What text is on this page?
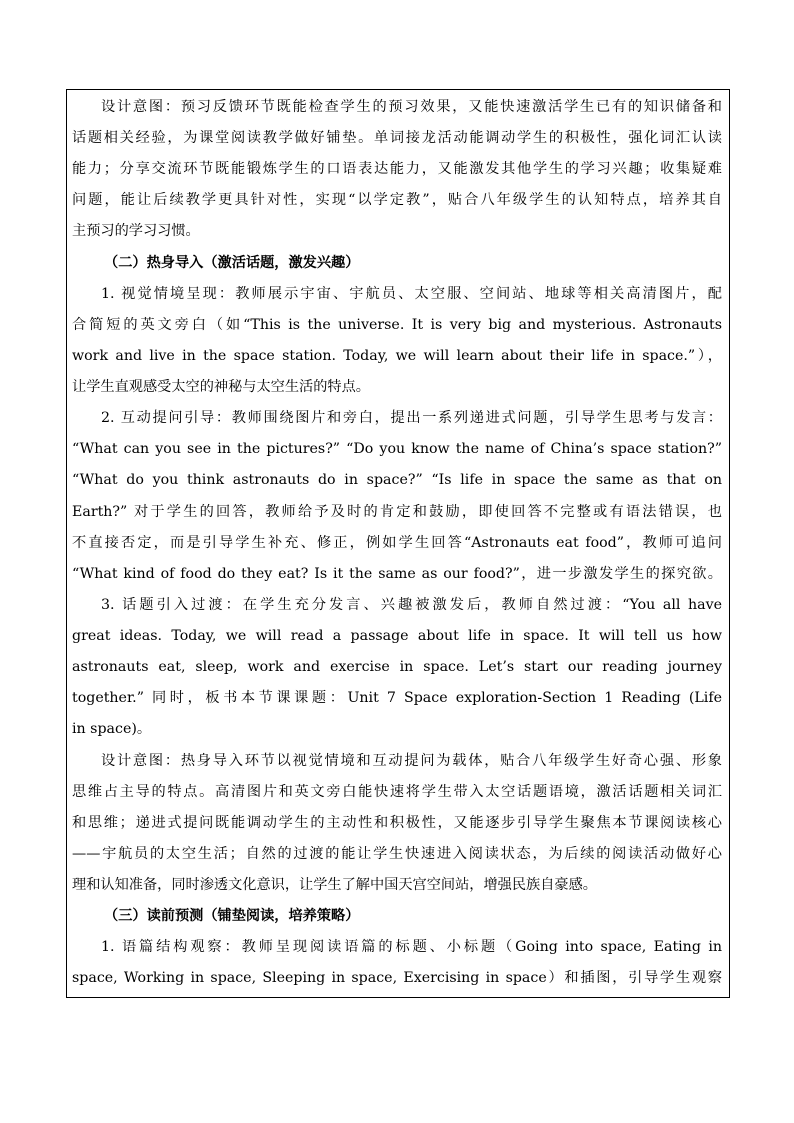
设计意图：预习反馈环节既能检查学生的预习效果，又能快速激活学生已有的知识储备和
话题相关经验，为课堂阅读教学做好铺垫。单词接龙活动能调动学生的积极性，强化词汇认读
能力；分享交流环节既能锻炼学生的口语表达能力，又能激发其他学生的学习兴趣；收集疑难
问题，能让后续教学更具针对性，实现“以学定教”，贴合八年级学生的认知特点，培养其自
主预习的学习习惯。
（二）热身导入（激活话题，激发兴趣）
1. 视觉情境呈现：教师展示宇宙、宇航员、太空服、空间站、地球等相关高清图片，配
合简短的英文旁白（如“This is the universe. It is very big and mysterious. Astronauts
work and live in the space station. Today, we will learn about their life in space.”），
让学生直观感受太空的神秘与太空生活的特点。
2. 互动提问引导：教师围绕图片和旁白，提出一系列递进式问题，引导学生思考与发言：
“What can you see in the pictures?” “Do you know the name of China’s space station?”
“What do you think astronauts do in space?” “Is life in space the same as that on
Earth?” 对于学生的回答，教师给予及时的肯定和鼓励，即使回答不完整或有语法错误，也
不直接否定，而是引导学生补充、修正，例如学生回答“Astronauts eat food”，教师可追问
“What kind of food do they eat? Is it the same as our food?”，进一步激发学生的探究欲。
3. 话题引入过渡：在学生充分发言、兴趣被激发后，教师自然过渡：“You all have
great ideas. Today, we will read a passage about life in space. It will tell us how
astronauts eat, sleep, work and exercise in space. Let’s start our reading journey
together.” 同时，板书本节课课题：Unit 7 Space exploration-Section 1 Reading (Life
in space)。
设计意图：热身导入环节以视觉情境和互动提问为载体，贴合八年级学生好奇心强、形象
思维占主导的特点。高清图片和英文旁白能快速将学生带入太空话题语境，激活话题相关词汇
和思维；递进式提问既能调动学生的主动性和积极性，又能逐步引导学生聚焦本节课阅读核心
——宇航员的太空生活；自然的过渡的能让学生快速进入阅读状态，为后续的阅读活动做好心
理和认知准备，同时渗透文化意识，让学生了解中国天宫空间站，增强民族自豪感。
（三）读前预测（铺垫阅读，培养策略）
1. 语篇结构观察：教师呈现阅读语篇的标题、小标题（Going into space, Eating in
space, Working in space, Sleeping in space, Exercising in space）和插图，引导学生观察
